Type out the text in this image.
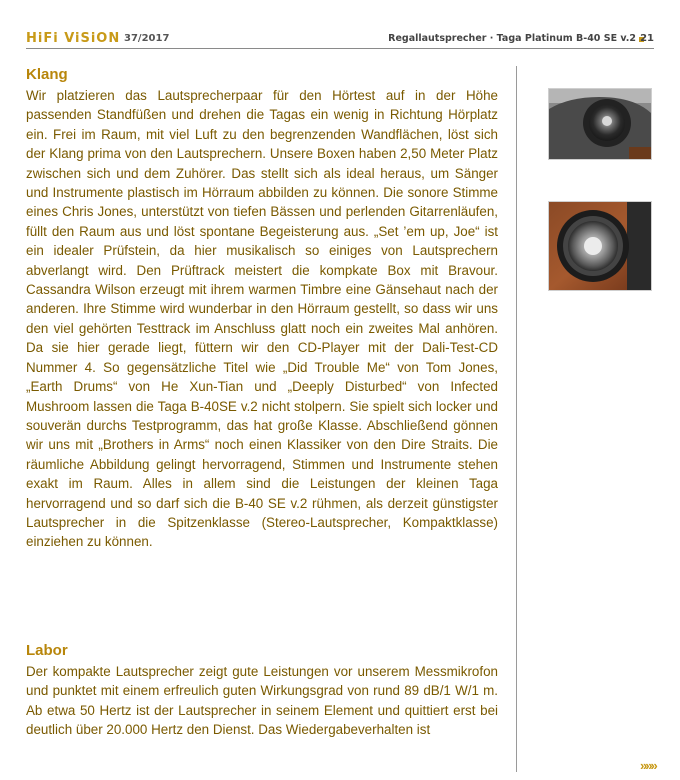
HiFi ViSiON 37/2017	Regallautsprecher · Taga Platinum B-40 SE v.2 21
Klang

Wir platzieren das Lautsprecherpaar für den Hörtest auf in der Höhe passenden Standfüßen und drehen die Tagas ein wenig in Richtung Hörplatz ein. Frei im Raum, mit viel Luft zu den begrenzenden Wandflächen, löst sich der Klang prima von den Lautsprechern. Unsere Boxen haben 2,50 Meter Platz zwischen sich und dem Zuhörer. Das stellt sich als ideal heraus, um Sänger und Instrumente plastisch im Hörraum abbilden zu können. Die sonore Stimme eines Chris Jones, unterstützt von tiefen Bässen und perlenden Gitarrenläufen, füllt den Raum aus und löst spontane Begeisterung aus. „Set ’em up, Joe“ ist ein idealer Prüfstein, da hier musikalisch so einiges von Lautsprechern abverlangt wird. Den Prüftrack meistert die kompkate Box mit Bravour. Cassandra Wilson erzeugt mit ihrem warmen Timbre eine Gänsehaut nach der anderen. Ihre Stimme wird wunderbar in den Hörraum gestellt, so dass wir uns den viel gehörten Testtrack im Anschluss glatt noch ein zweites Mal anhören. Da sie hier gerade liegt, füttern wir den CD-Player mit der Dali-Test-CD Nummer 4. So gegensätzliche Titel wie „Did Trouble Me“ von Tom Jones, „Earth Drums“ von He Xun-Tian und „Deeply Disturbed“ von Infected Mushroom lassen die Taga B-40SE v.2 nicht stolpern. Sie spielt sich locker und souverän durchs Testprogramm, das hat große Klasse. Abschließend gönnen wir uns mit „Brothers in Arms“ noch einen Klassiker von den Dire Straits. Die räumliche Abbildung gelingt hervorragend, Stimmen und Instrumente stehen exakt im Raum. Alles in allem sind die Leistungen der kleinen Taga hervorragend und so darf sich die B-40 SE v.2 rühmen, als derzeit günstigster Lautsprecher in die Spitzenklasse (Stereo-Lautsprecher, Kompaktklasse) einziehen zu können.

Labor

Der kompakte Lautsprecher zeigt gute Leistungen vor unserem Messmikrofon und punktet mit einem erfreulich guten Wirkungsgrad von rund 89 dB/1 W/1 m. Ab etwa 50 Hertz ist der Lautsprecher in seinem Element und quittiert erst bei deutlich über 20.000 Hertz den Dienst. Das Wiedergabeverhalten ist

»»»
